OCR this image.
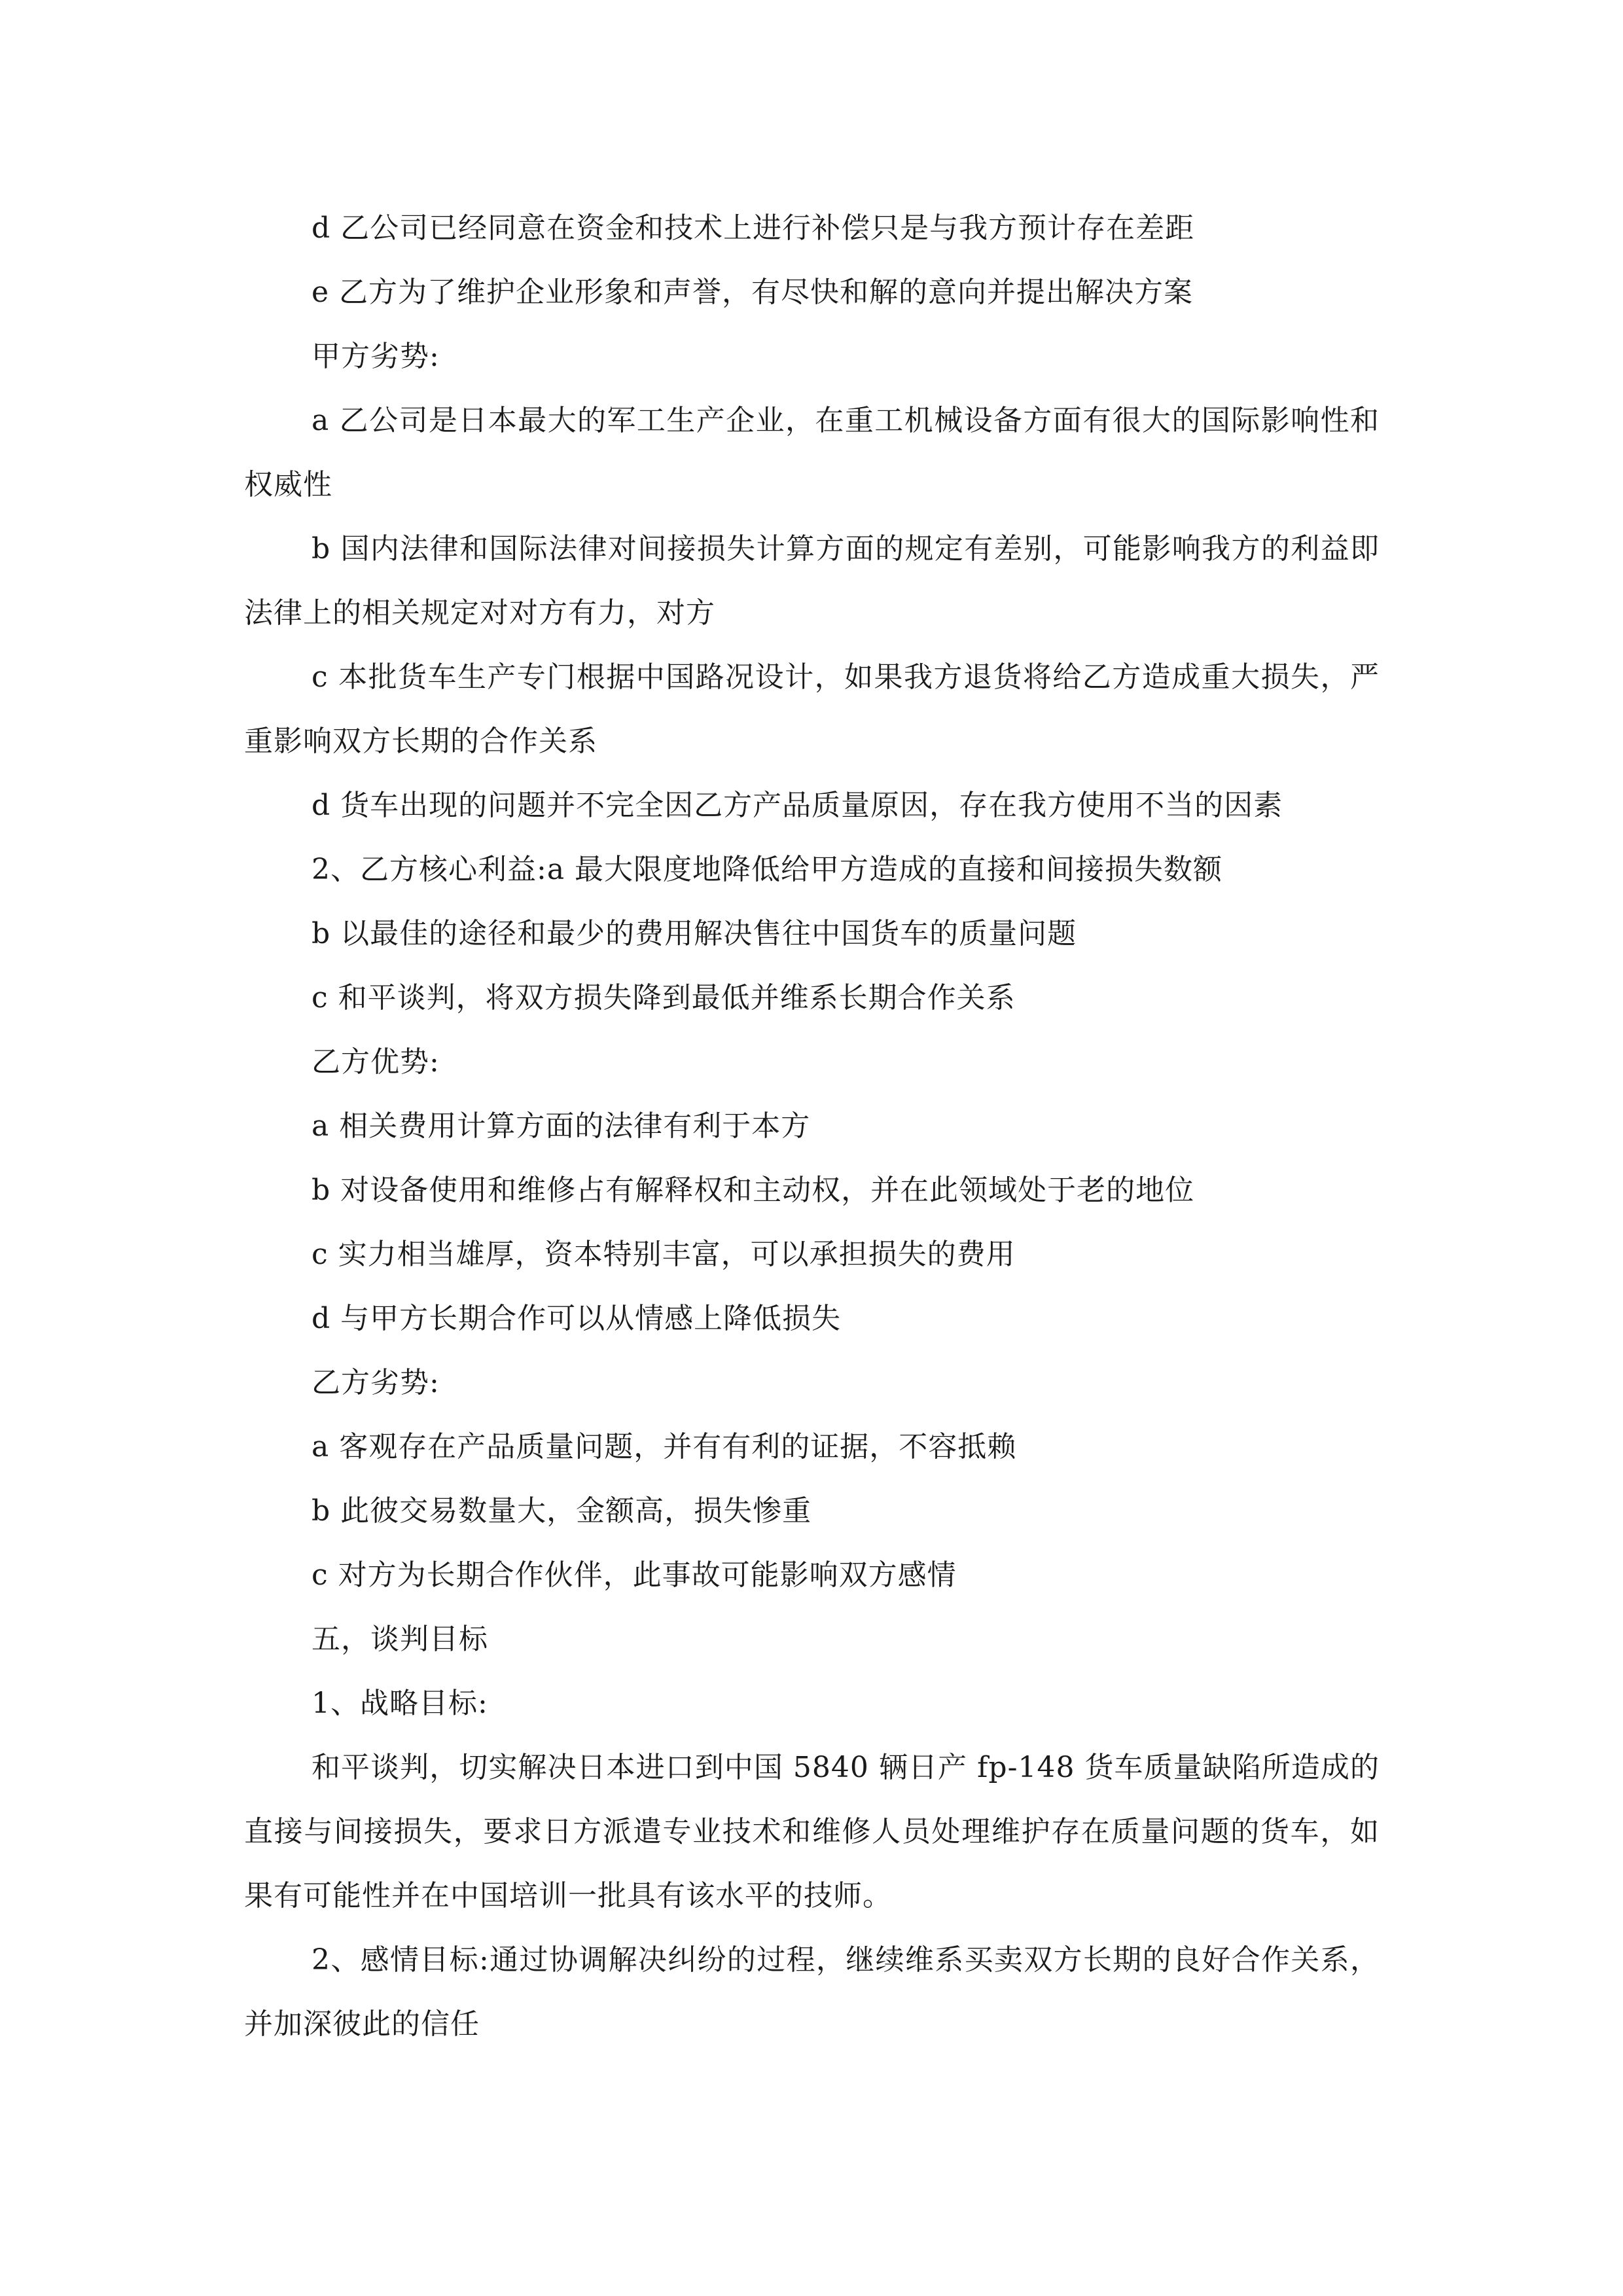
d 乙公司已经同意在资金和技术上进行补偿只是与我方预计存在差距

e 乙方为了维护企业形象和声誉，有尽快和解的意向并提出解决方案

甲方劣势:

a 乙公司是日本最大的军工生产企业，在重工机械设备方面有很大的国际影响性和权威性

b 国内法律和国际法律对间接损失计算方面的规定有差别，可能影响我方的利益即法律上的相关规定对对方有力，对方

c 本批货车生产专门根据中国路况设计，如果我方退货将给乙方造成重大损失，严重影响双方长期的合作关系

d 货车出现的问题并不完全因乙方产品质量原因，存在我方使用不当的因素

2、乙方核心利益:a 最大限度地降低给甲方造成的直接和间接损失数额

b 以最佳的途径和最少的费用解决售往中国货车的质量问题

c 和平谈判，将双方损失降到最低并维系长期合作关系

乙方优势:

a 相关费用计算方面的法律有利于本方

b 对设备使用和维修占有解释权和主动权，并在此领域处于老的地位

c 实力相当雄厚，资本特别丰富，可以承担损失的费用

d 与甲方长期合作可以从情感上降低损失

乙方劣势:

a 客观存在产品质量问题，并有有利的证据，不容抵赖

b 此彼交易数量大，金额高，损失惨重

c 对方为长期合作伙伴，此事故可能影响双方感情

五，谈判目标

1、战略目标:

和平谈判，切实解决日本进口到中国 5840 辆日产 fp-148 货车质量缺陷所造成的直接与间接损失，要求日方派遣专业技术和维修人员处理维护存在质量问题的货车，如果有可能性并在中国培训一批具有该水平的技师。

2、感情目标:通过协调解决纠纷的过程，继续维系买卖双方长期的良好合作关系，并加深彼此的信任
